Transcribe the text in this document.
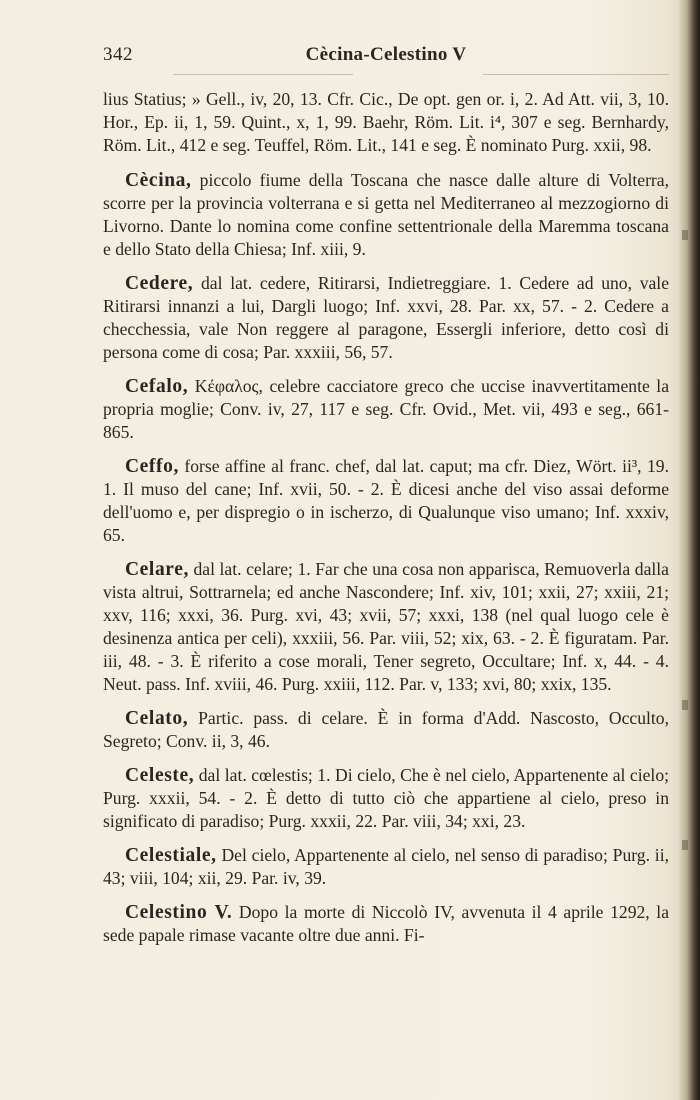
342	Cècina-Celestino V

lius Statius; » Gell., iv, 20, 13. Cfr. Cic., De opt. gen or. i, 2. Ad Att. vii, 3, 10. Hor., Ep. ii, 1, 59. Quint., x, 1, 99. Baehr, Röm. Lit. i⁴, 307 e seg. Bernhardy, Röm. Lit., 412 e seg. Teuffel, Röm. Lit., 141 e seg. È nominato Purg. xxii, 98.

Cècina, piccolo fiume della Toscana che nasce dalle alture di Volterra, scorre per la provincia volterrana e si getta nel Mediterraneo al mezzogiorno di Livorno. Dante lo nomina come confine settentrionale della Maremma toscana e dello Stato della Chiesa; Inf. xiii, 9.

Cedere, dal lat. cedere, Ritirarsi, Indietreggiare. 1. Cedere ad uno, vale Ritirarsi innanzi a lui, Dargli luogo; Inf. xxvi, 28. Par. xx, 57. - 2. Cedere a checchessia, vale Non reggere al paragone, Essergli inferiore, detto così di persona come di cosa; Par. xxxiii, 56, 57.

Cefalo, Κέφαλος, celebre cacciatore greco che uccise inavvertitamente la propria moglie; Conv. iv, 27, 117 e seg. Cfr. Ovid., Met. vii, 493 e seg., 661-865.

Ceffo, forse affine al franc. chef, dal lat. caput; ma cfr. Diez, Wört. ii³, 19. 1. Il muso del cane; Inf. xvii, 50. - 2. È dicesi anche del viso assai deforme dell'uomo e, per dispregio o in ischerzo, di Qualunque viso umano; Inf. xxxiv, 65.

Celare, dal lat. celare; 1. Far che una cosa non apparisca, Remuoverla dalla vista altrui, Sottrarnela; ed anche Nascondere; Inf. xiv, 101; xxii, 27; xxiii, 21; xxv, 116; xxxi, 36. Purg. xvi, 43; xvii, 57; xxxi, 138 (nel qual luogo cele è desinenza antica per celi), xxxiii, 56. Par. viii, 52; xix, 63. - 2. È figuratam. Par. iii, 48. - 3. È riferito a cose morali, Tener segreto, Occultare; Inf. x, 44. - 4. Neut. pass. Inf. xviii, 46. Purg. xxiii, 112. Par. v, 133; xvi, 80; xxix, 135.

Celato, Partic. pass. di celare. È in forma d'Add. Nascosto, Occulto, Segreto; Conv. ii, 3, 46.

Celeste, dal lat. cœlestis; 1. Di cielo, Che è nel cielo, Appartenente al cielo; Purg. xxxii, 54. - 2. È detto di tutto ciò che appartiene al cielo, preso in significato di paradiso; Purg. xxxii, 22. Par. viii, 34; xxi, 23.

Celestiale, Del cielo, Appartenente al cielo, nel senso di paradiso; Purg. ii, 43; viii, 104; xii, 29. Par. iv, 39.

Celestino V. Dopo la morte di Niccolò IV, avvenuta il 4 aprile 1292, la sede papale rimase vacante oltre due anni. Fi-
